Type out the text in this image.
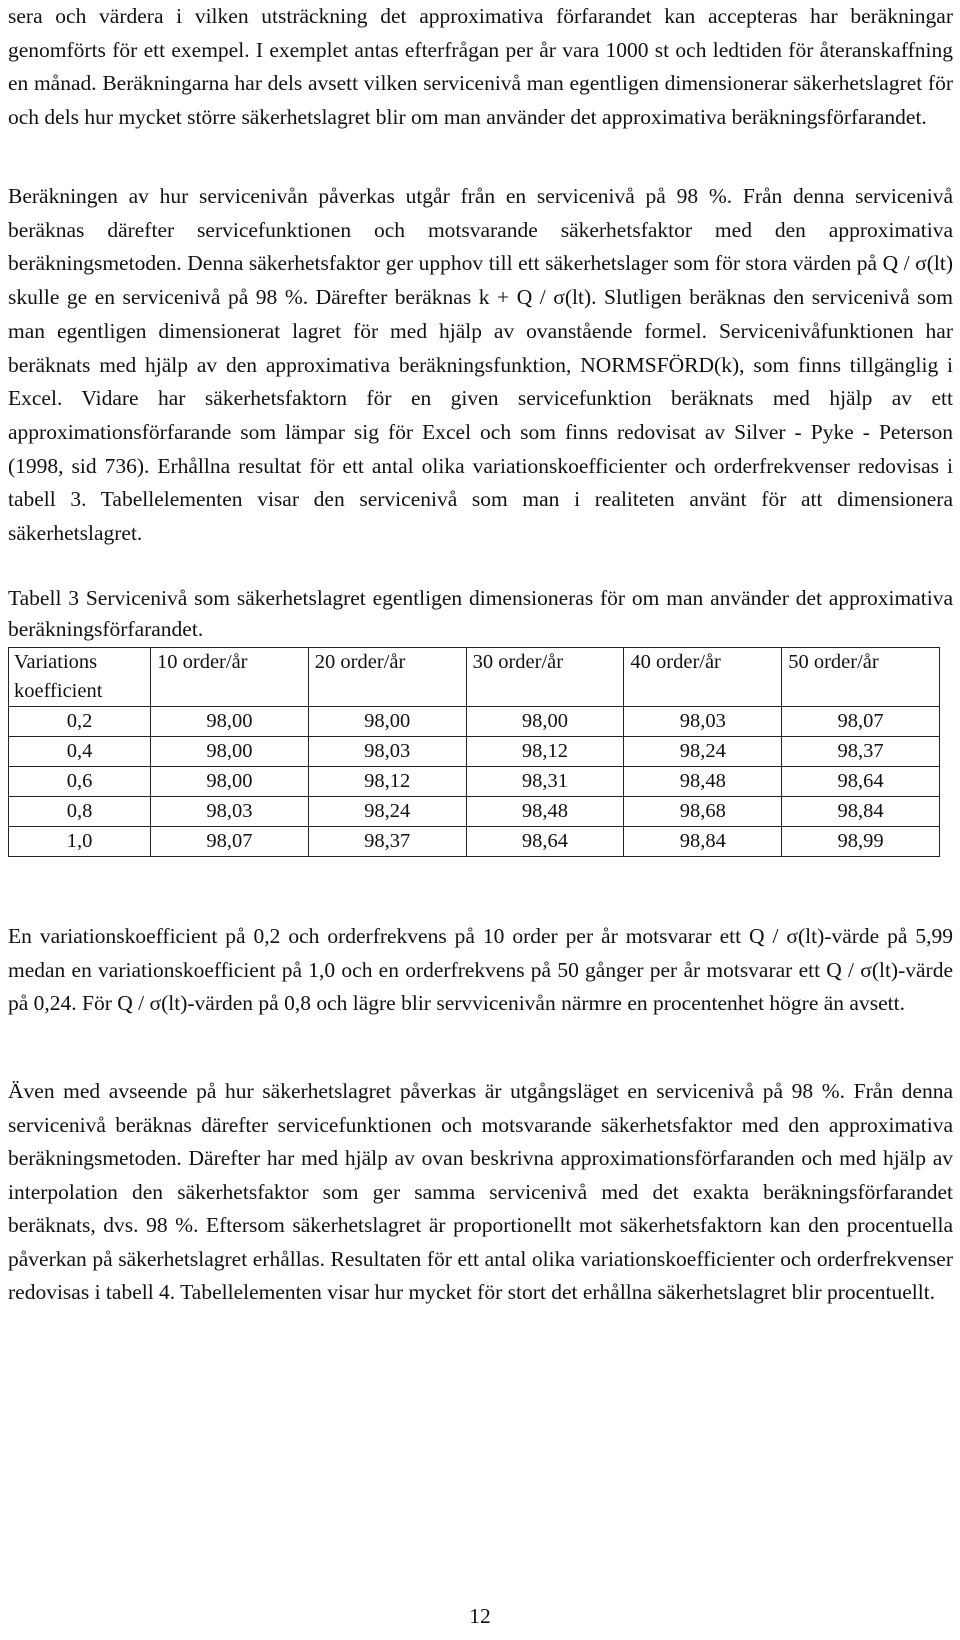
sera och värdera i vilken utsträckning det approximativa förfarandet kan accepteras har beräkningar genomförts för ett exempel. I exemplet antas efterfrågan per år vara 1000 st och ledtiden för återanskaffning en månad. Beräkningarna har dels avsett vilken servicenivå man egentligen dimensionerar säkerhetslagret för och dels hur mycket större säkerhetslagret blir om man använder det approximativa beräkningsförfarandet.

Beräkningen av hur servicenivån påverkas utgår från en servicenivå på 98 %. Från denna servicenivå beräknas därefter servicefunktionen och motsvarande säkerhetsfaktor med den approximativa beräkningsmetoden. Denna säkerhetsfaktor ger upphov till ett säkerhetslager som för stora värden på Q / σ(lt) skulle ge en servicenivå på 98 %. Därefter beräknas k + Q / σ(lt). Slutligen beräknas den servicenivå som man egentligen dimensionerat lagret för med hjälp av ovanstående formel. Servicenivåfunktionen har beräknats med hjälp av den approximativa beräkningsfunktion, NORMSFÖRD(k), som finns tillgänglig i Excel. Vidare har säkerhetsfaktorn för en given servicefunktion beräknats med hjälp av ett approximationsförfarande som lämpar sig för Excel och som finns redovisat av Silver - Pyke - Peterson (1998, sid 736). Erhållna resultat för ett antal olika variationskoefficienter och orderfrekvenser redovisas i tabell 3. Tabellelementen visar den servicenivå som man i realiteten använt för att dimensionera säkerhetslagret.

Tabell 3 Servicenivå som säkerhetslagret egentligen dimensioneras för om man använder det approximativa beräkningsförfarandet.

Variations koefficient	10 order/år	20 order/år	30 order/år	40 order/år	50 order/år
0,2	98,00	98,00	98,00	98,03	98,07
0,4	98,00	98,03	98,12	98,24	98,37
0,6	98,00	98,12	98,31	98,48	98,64
0,8	98,03	98,24	98,48	98,68	98,84
1,0	98,07	98,37	98,64	98,84	98,99

En variationskoefficient på 0,2 och orderfrekvens på 10 order per år motsvarar ett Q / σ(lt)-värde på 5,99 medan en variationskoefficient på 1,0 och en orderfrekvens på 50 gånger per år motsvarar ett Q / σ(lt)-värde på 0,24. För Q / σ(lt)-värden på 0,8 och lägre blir servvicenivån närmre en procentenhet högre än avsett.

Även med avseende på hur säkerhetslagret påverkas är utgångsläget en servicenivå på 98 %. Från denna servicenivå beräknas därefter servicefunktionen och motsvarande säkerhetsfaktor med den approximativa beräkningsmetoden. Därefter har med hjälp av ovan beskrivna approximationsförfaranden och med hjälp av interpolation den säkerhetsfaktor som ger samma servicenivå med det exakta beräkningsförfarandet beräknats, dvs. 98 %. Eftersom säkerhetslagret är proportionellt mot säkerhetsfaktorn kan den procentuella påverkan på säkerhetslagret erhållas. Resultaten för ett antal olika variationskoefficienter och orderfrekvenser redovisas i tabell 4. Tabellelementen visar hur mycket för stort det erhållna säkerhetslagret blir procentuellt.

12
